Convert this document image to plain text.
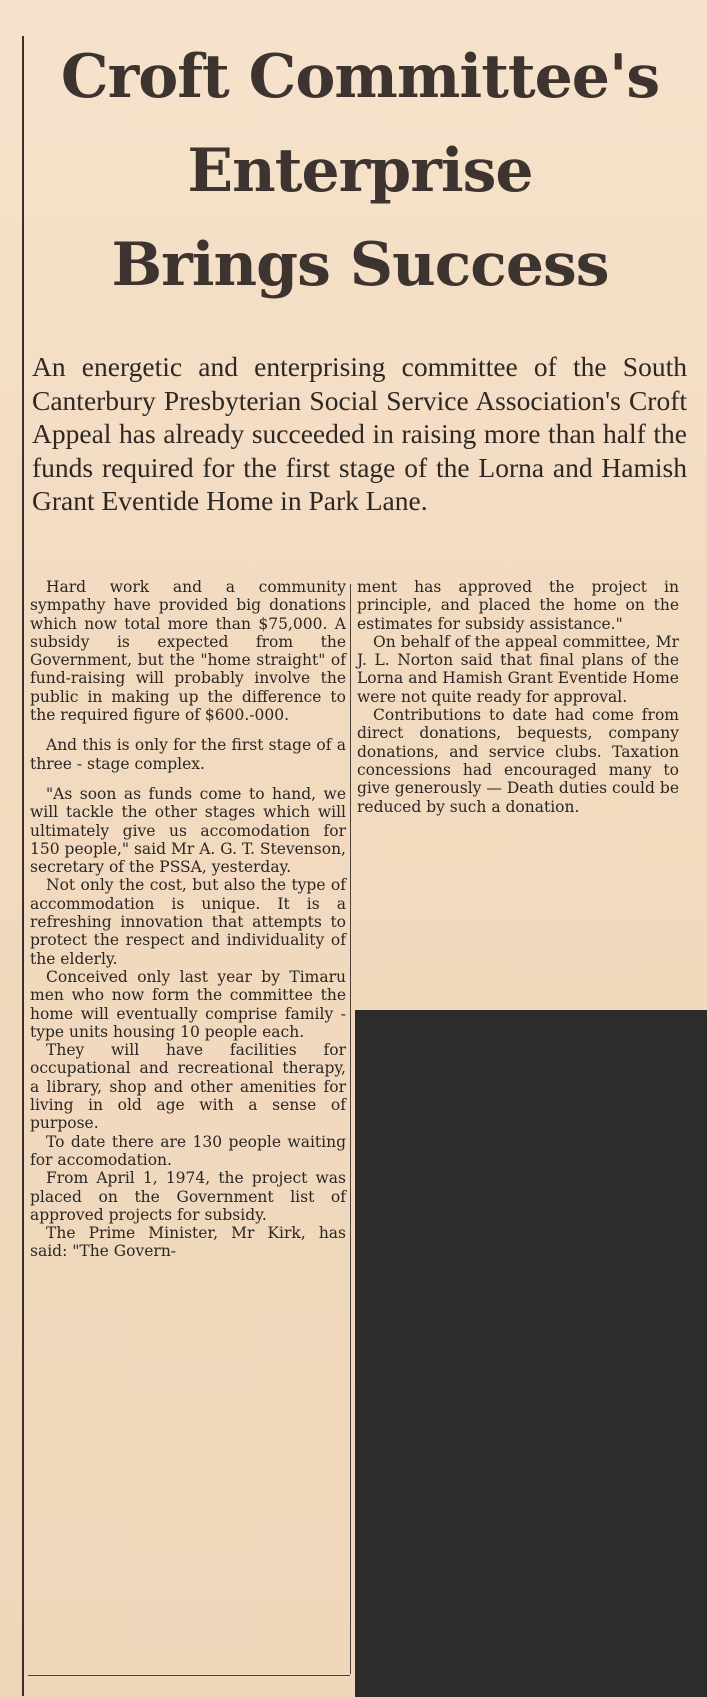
Croft Committee's
Enterprise
Brings Success
An energetic and enterprising committee of the South Canterbury Presbyterian Social Service Association's Croft Appeal has already succeeded in raising more than half the funds required for the first stage of the Lorna and Hamish Grant Eventide Home in Park Lane.

Hard work and a community sympathy have provided big donations which now total more than $75,000. A subsidy is expected from the Government, but the "home straight" of fund-raising will probably involve the public in making up the difference to the required figure of $600.-000.

And this is only for the first stage of a three - stage complex.

"As soon as funds come to hand, we will tackle the other stages which will ultimately give us accomodation for 150 people," said Mr A. G. T. Stevenson, secretary of the PSSA, yesterday.

Not only the cost, but also the type of accommodation is unique. It is a refreshing innovation that attempts to protect the respect and individuality of the elderly.

Conceived only last year by Timaru men who now form the committee the home will eventually comprise family - type units housing 10 people each.

They will have facilities for occupational and recreational therapy, a library, shop and other amenities for living in old age with a sense of purpose.

To date there are 130 people waiting for accomodation.

From April 1, 1974, the project was placed on the Government list of approved projects for subsidy.

The Prime Minister, Mr Kirk, has said: "The Govern-

ment has approved the project in principle, and placed the home on the estimates for subsidy assistance."

On behalf of the appeal committee, Mr J. L. Norton said that final plans of the Lorna and Hamish Grant Eventide Home were not quite ready for approval.

Contributions to date had come from direct donations, bequests, company donations, and service clubs. Taxation concessions had encouraged many to give generously — Death duties could be reduced by such a donation.
